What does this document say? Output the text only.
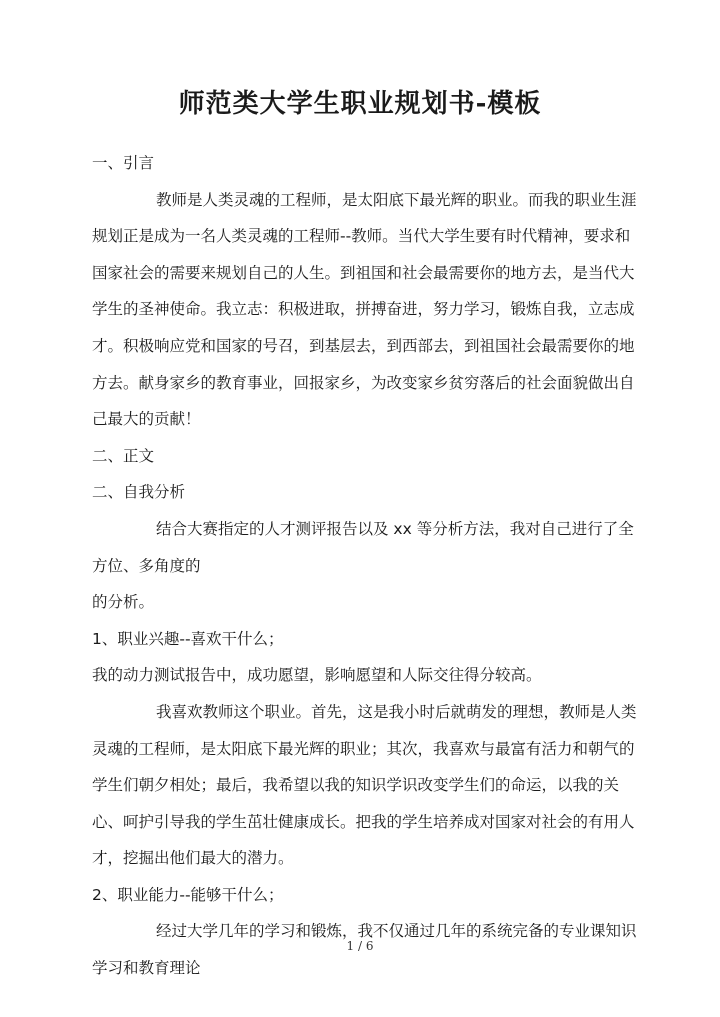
师范类大学生职业规划书-模板

一、引言

教师是人类灵魂的工程师，是太阳底下最光辉的职业。而我的职业生涯规划正是成为一名人类灵魂的工程师--教师。当代大学生要有时代精神，要求和国家社会的需要来规划自己的人生。到祖国和社会最需要你的地方去，是当代大学生的圣神使命。我立志：积极进取，拼搏奋进，努力学习，锻炼自我，立志成才。积极响应党和国家的号召，到基层去，到西部去，到祖国社会最需要你的地方去。献身家乡的教育事业，回报家乡，为改变家乡贫穷落后的社会面貌做出自己最大的贡献！

二、正文

二、自我分析

结合大赛指定的人才测评报告以及 xx 等分析方法，我对自己进行了全方位、多角度的

的分析。

1、职业兴趣--喜欢干什么；

我的动力测试报告中，成功愿望，影响愿望和人际交往得分较高。

我喜欢教师这个职业。首先，这是我小时后就萌发的理想，教师是人类灵魂的工程师，是太阳底下最光辉的职业；其次，我喜欢与最富有活力和朝气的学生们朝夕相处；最后，我希望以我的知识学识改变学生们的命运，以我的关心、呵护引导我的学生茁壮健康成长。把我的学生培养成对国家对社会的有用人才，挖掘出他们最大的潜力。

2、职业能力--能够干什么；

经过大学几年的学习和锻炼，我不仅通过几年的系统完备的专业课知识学习和教育理论

1 / 6
